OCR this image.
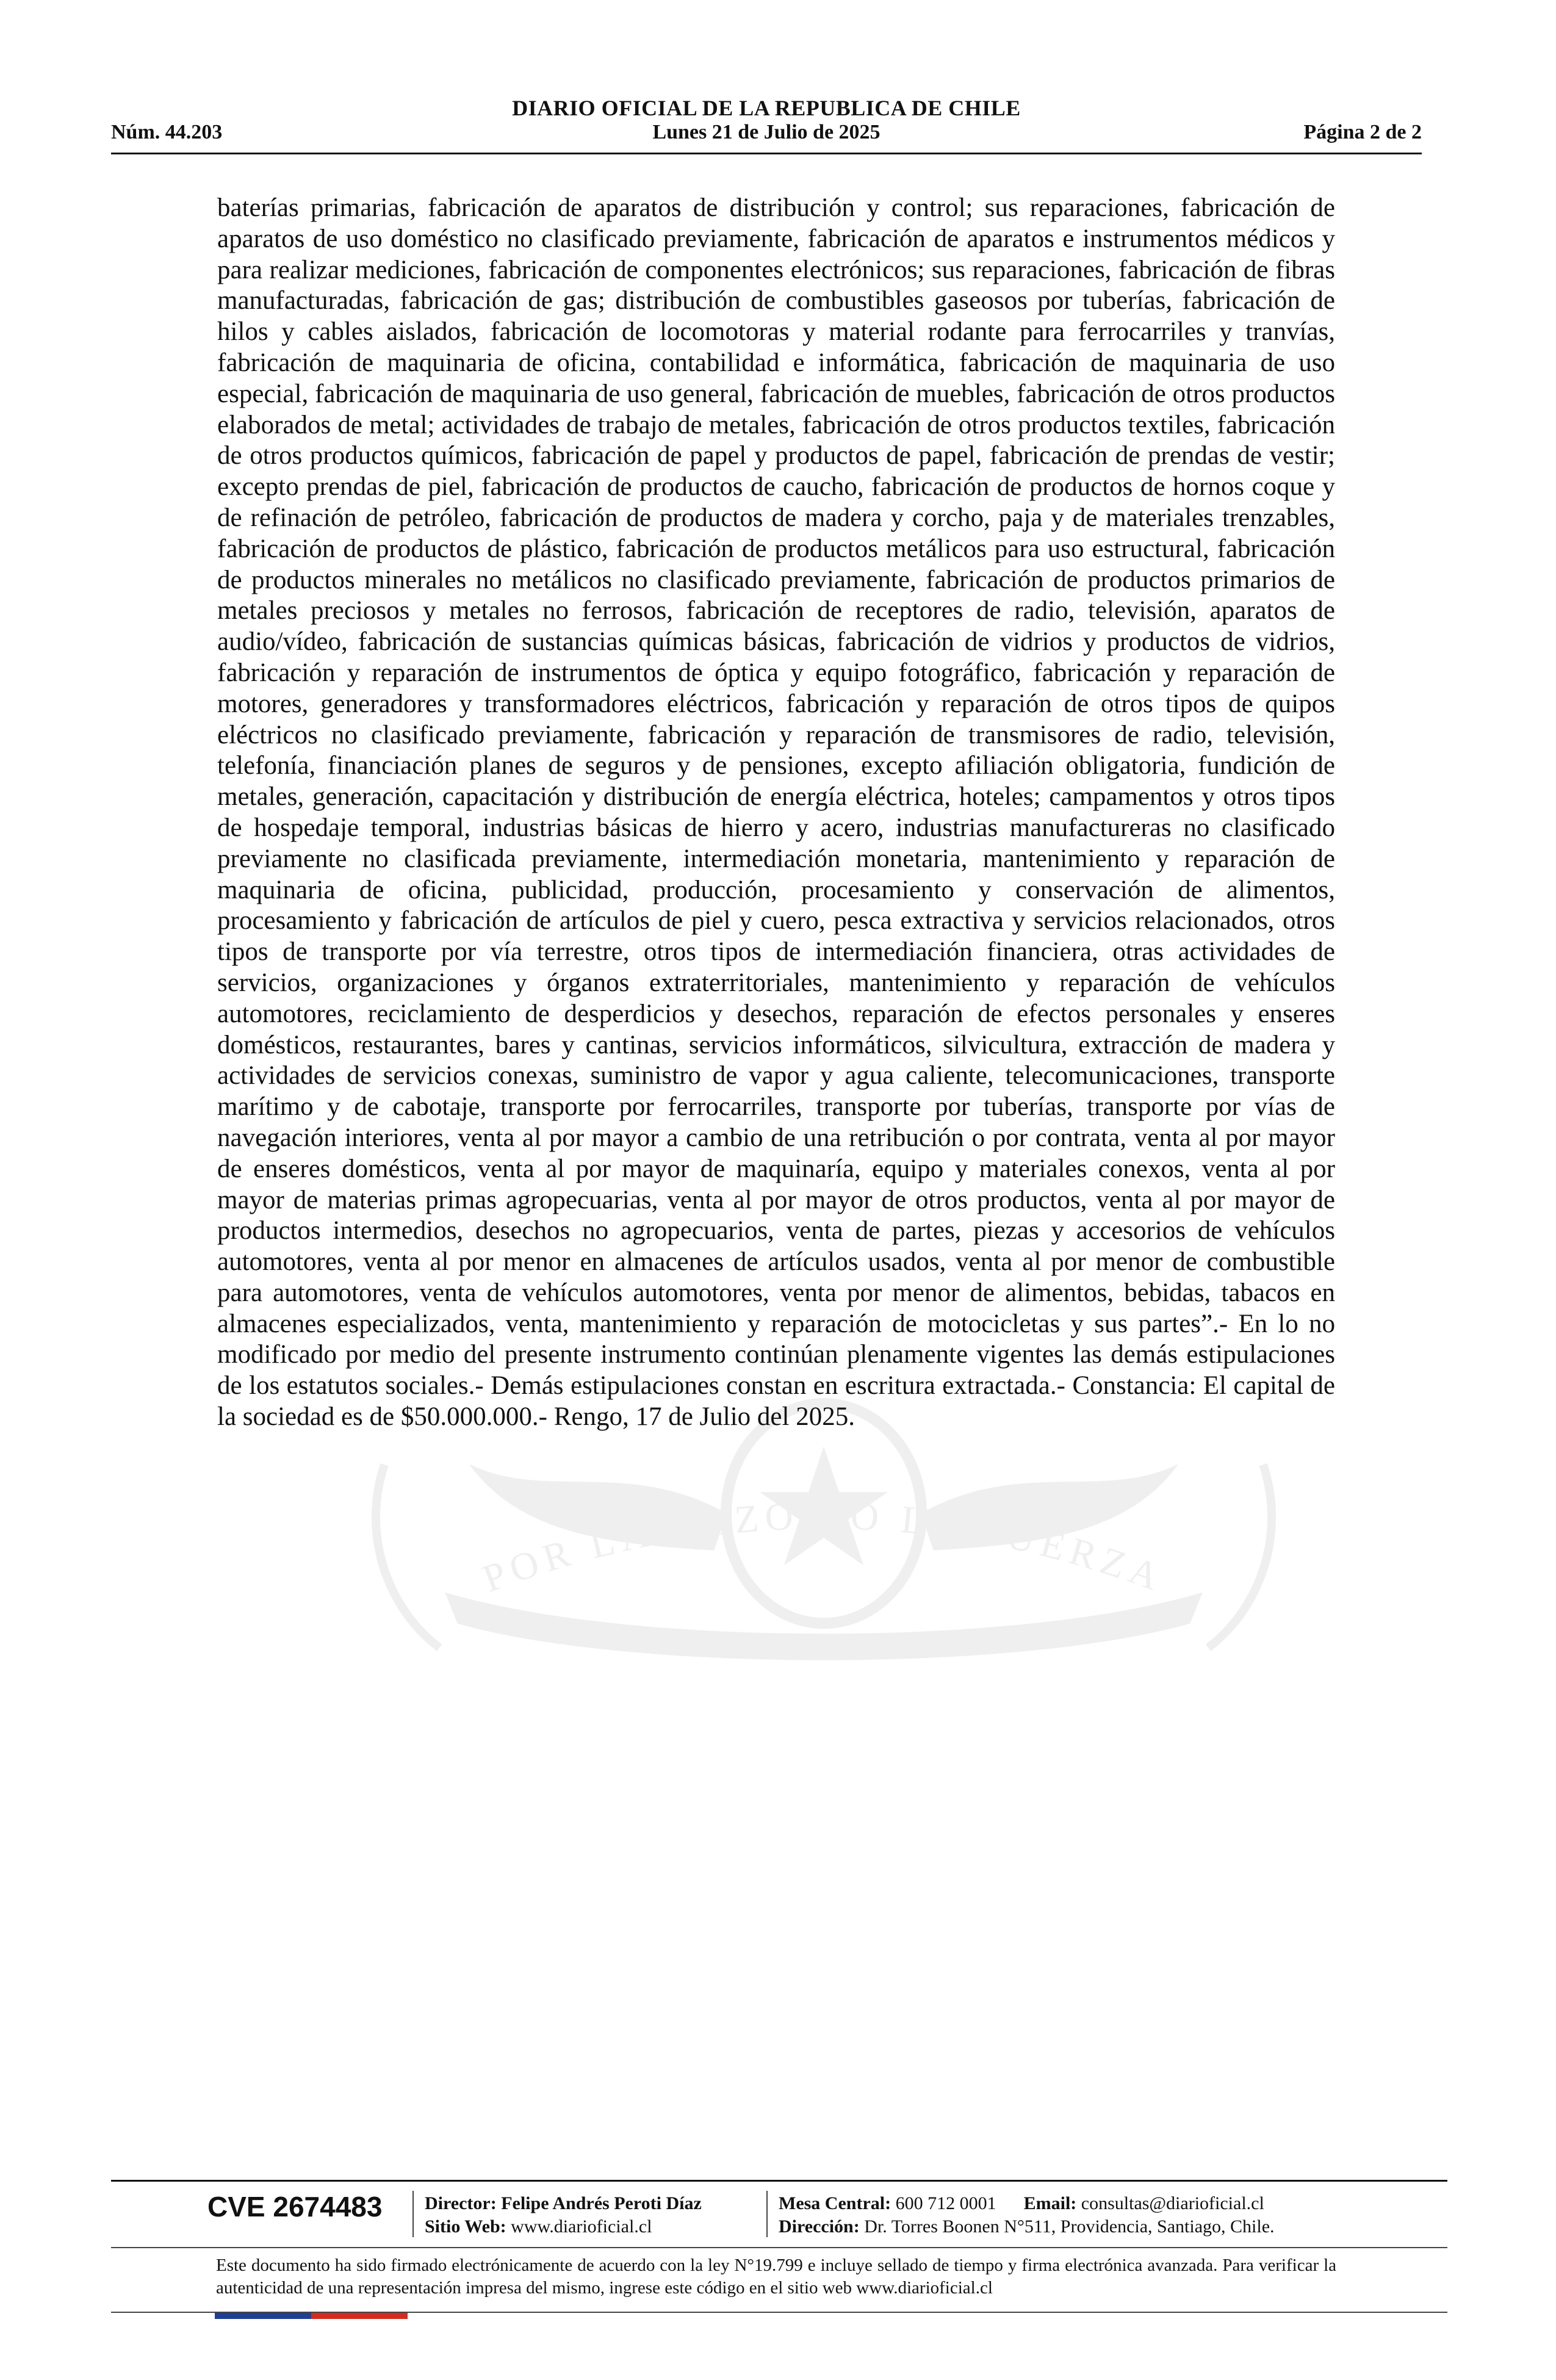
DIARIO OFICIAL DE LA REPUBLICA DE CHILE
Núm. 44.203	Lunes 21 de Julio de 2025	Página 2 de 2
POR LA RAZON O LA FUERZA

baterías primarias, fabricación de aparatos de distribución y control; sus reparaciones, fabricación de aparatos de uso doméstico no clasificado previamente, fabricación de aparatos e instrumentos médicos y para realizar mediciones, fabricación de componentes electrónicos; sus reparaciones, fabricación de fibras manufacturadas, fabricación de gas; distribución de combustibles gaseosos por tuberías, fabricación de hilos y cables aislados, fabricación de locomotoras y material rodante para ferrocarriles y tranvías, fabricación de maquinaria de oficina, contabilidad e informática, fabricación de maquinaria de uso especial, fabricación de maquinaria de uso general, fabricación de muebles, fabricación de otros productos elaborados de metal; actividades de trabajo de metales, fabricación de otros productos textiles, fabricación de otros productos químicos, fabricación de papel y productos de papel, fabricación de prendas de vestir; excepto prendas de piel, fabricación de productos de caucho, fabricación de productos de hornos coque y de refinación de petróleo, fabricación de productos de madera y corcho, paja y de materiales trenzables, fabricación de productos de plástico, fabricación de productos metálicos para uso estructural, fabricación de productos minerales no metálicos no clasificado previamente, fabricación de productos primarios de metales preciosos y metales no ferrosos, fabricación de receptores de radio, televisión, aparatos de audio/vídeo, fabricación de sustancias químicas básicas, fabricación de vidrios y productos de vidrios, fabricación y reparación de instrumentos de óptica y equipo fotográfico, fabricación y reparación de motores, generadores y transformadores eléctricos, fabricación y reparación de otros tipos de quipos eléctricos no clasificado previamente, fabricación y reparación de transmisores de radio, televisión, telefonía, financiación planes de seguros y de pensiones, excepto afiliación obligatoria, fundición de metales, generación, capacitación y distribución de energía eléctrica, hoteles; campamentos y otros tipos de hospedaje temporal, industrias básicas de hierro y acero, industrias manufactureras no clasificado previamente no clasificada previamente, intermediación monetaria, mantenimiento y reparación de maquinaria de oficina, publicidad, producción, procesamiento y conservación de alimentos, procesamiento y fabricación de artículos de piel y cuero, pesca extractiva y servicios relacionados, otros tipos de transporte por vía terrestre, otros tipos de intermediación financiera, otras actividades de servicios, organizaciones y órganos extraterritoriales, mantenimiento y reparación de vehículos automotores, reciclamiento de desperdicios y desechos, reparación de efectos personales y enseres domésticos, restaurantes, bares y cantinas, servicios informáticos, silvicultura, extracción de madera y actividades de servicios conexas, suministro de vapor y agua caliente, telecomunicaciones, transporte marítimo y de cabotaje, transporte por ferrocarriles, transporte por tuberías, transporte por vías de navegación interiores, venta al por mayor a cambio de una retribución o por contrata, venta al por mayor de enseres domésticos, venta al por mayor de maquinaría, equipo y materiales conexos, venta al por mayor de materias primas agropecuarias, venta al por mayor de otros productos, venta al por mayor de productos intermedios, desechos no agropecuarios, venta de partes, piezas y accesorios de vehículos automotores, venta al por menor en almacenes de artículos usados, venta al por menor de combustible para automotores, venta de vehículos automotores, venta por menor de alimentos, bebidas, tabacos en almacenes especializados, venta, mantenimiento y reparación de motocicletas y sus partes”.- En lo no modificado por medio del presente instrumento continúan plenamente vigentes las demás estipulaciones de los estatutos sociales.- Demás estipulaciones constan en escritura extractada.- Constancia: El capital de la sociedad es de $50.000.000.- Rengo, 17 de Julio del 2025.

CVE 2674483	Director: Felipe Andrés Peroti Díaz
Sitio Web: www.diarioficial.cl
Mesa Central: 600 712 0001 Email: consultas@diarioficial.cl
Dirección: Dr. Torres Boonen N°511, Providencia, Santiago, Chile.

Este documento ha sido firmado electrónicamente de acuerdo con la ley N°19.799 e incluye sellado de tiempo y firma electrónica avanzada. Para verificar la autenticidad de una representación impresa del mismo, ingrese este código en el sitio web www.diarioficial.cl
